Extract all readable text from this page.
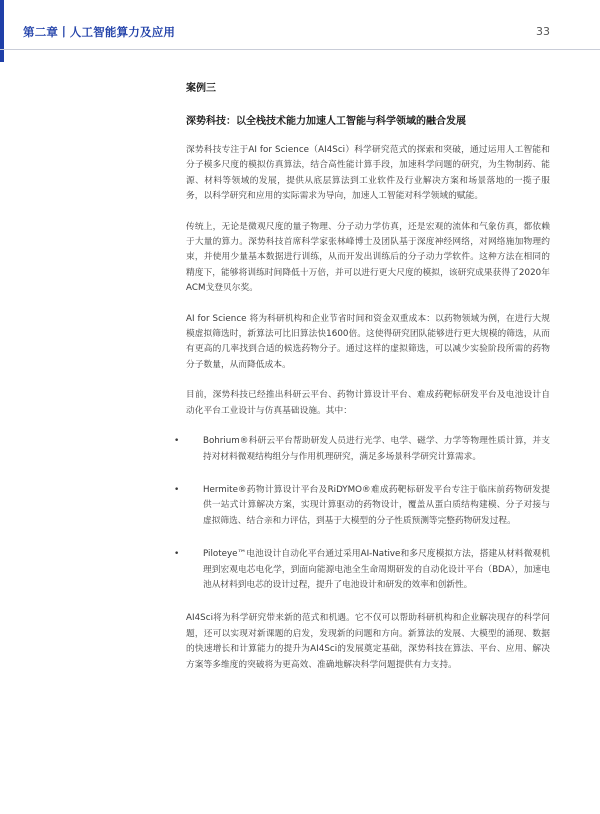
第二章丨人工智能算力及应用	33
案例三
深势科技：以全栈技术能力加速人工智能与科学领域的融合发展

深势科技专注于AI for Science（AI4Sci）科学研究范式的探索和突破，通过运用人工智能和分子模多尺度的模拟仿真算法，结合高性能计算手段，加速科学问题的研究，为生物制药、能源、材料等领域的发展，提供从底层算法到工业软件及行业解决方案和场景落地的一揽子服务，以科学研究和应用的实际需求为导向，加速人工智能对科学领域的赋能。

传统上，无论是微观尺度的量子物理、分子动力学仿真，还是宏观的流体和气象仿真，都依赖于大量的算力。深势科技首席科学家张林峰博士及团队基于深度神经网络，对网络施加物理约束，并使用少量基本数据进行训练，从而开发出训练后的分子动力学软件。这种方法在相同的精度下，能够将训练时间降低十万倍，并可以进行更大尺度的模拟，该研究成果获得了2020年ACM戈登贝尔奖。

AI for Science 将为科研机构和企业节省时间和资金双重成本：以药物领域为例，在进行大规模虚拟筛选时，新算法可比旧算法快1600倍。这使得研究团队能够进行更大规模的筛选，从而有更高的几率找到合适的候选药物分子。通过这样的虚拟筛选，可以减少实验阶段所需的药物分子数量，从而降低成本。

目前，深势科技已经推出科研云平台、药物计算设计平台、难成药靶标研发平台及电池设计自动化平台工业设计与仿真基础设施。其中：

•	Bohrium®科研云平台帮助研发人员进行光学、电学、磁学、力学等物理性质计算，并支持对材料微观结构组分与作用机理研究，满足多场景科学研究计算需求。
•	Hermite®药物计算设计平台及RiDYMO®难成药靶标研发平台专注于临床前药物研发提供一站式计算解决方案，实现计算驱动的药物设计，覆盖从蛋白质结构建模、分子对接与虚拟筛选、结合亲和力评估，到基于大模型的分子性质预测等完整药物研发过程。
•	Piloteye™电池设计自动化平台通过采用AI-Native和多尺度模拟方法，搭建从材料微观机理到宏观电芯电化学，到面向能源电池全生命周期研发的自动化设计平台（BDA），加速电池从材料到电芯的设计过程，提升了电池设计和研发的效率和创新性。

AI4Sci将为科学研究带来新的范式和机遇。它不仅可以帮助科研机构和企业解决现存的科学问题，还可以实现对新课题的启发，发现新的问题和方向。新算法的发展、大模型的涌现、数据的快速增长和计算能力的提升为AI4Sci的发展奠定基础，深势科技在算法、平台、应用、解决方案等多维度的突破将为更高效、准确地解决科学问题提供有力支持。
